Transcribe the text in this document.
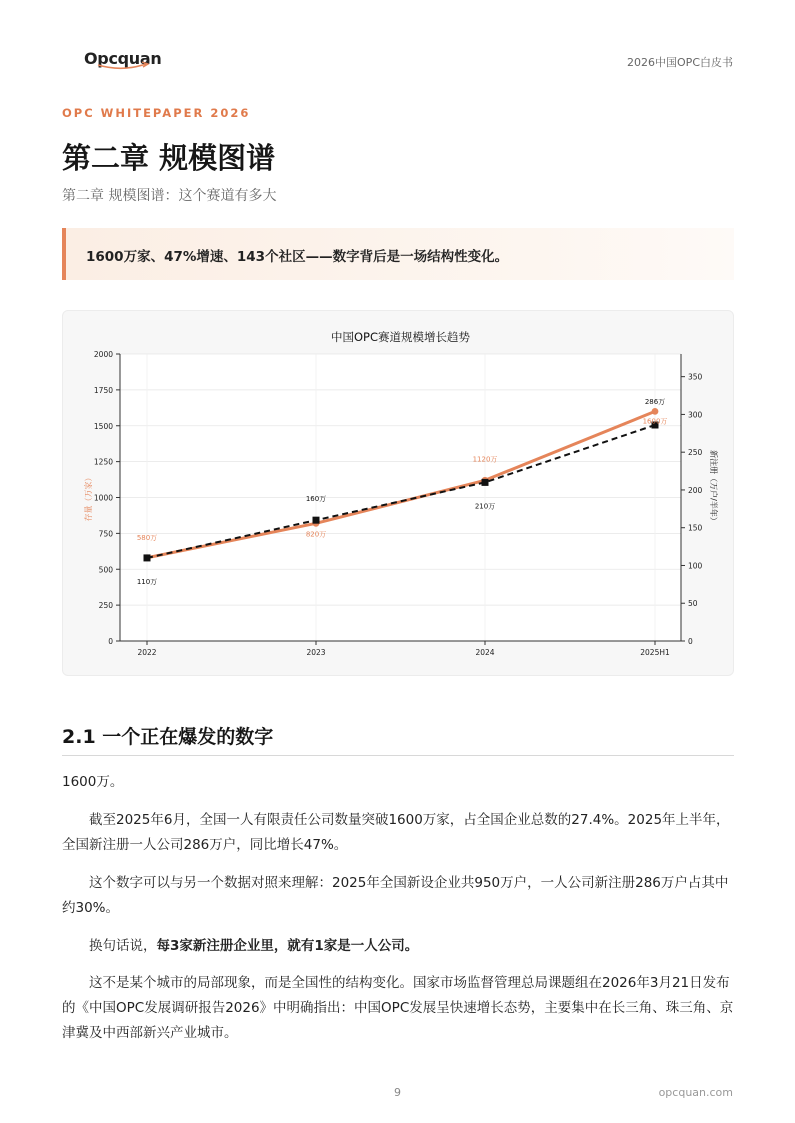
Opcquan	2026中国OPC白皮书
OPC WHITEPAPER 2026
第二章 规模图谱
第二章 规模图谱：这个赛道有多大
1600万家、47%增速、143个社区——数字背后是一场结构性变化。
0
250
500
750
1000
1250
1500
1750
2000
0
50
100
150
200
250
300
350
2022	2023	2024	2025H1
中国OPC赛道规模增长趋势
存量（万家）	新注册（万户/半年）
580万	820万
1120万
1600万
110万
160万
210万
286万
2.1 一个正在爆发的数字

1600万。

截至2025年6月，全国一人有限责任公司数量突破1600万家，占全国企业总数的27.4%。2025年上半年，全国新注册一人公司286万户，同比增长47%。

这个数字可以与另一个数据对照来理解：2025年全国新设企业共950万户，一人公司新注册286万户占其中约30%。

换句话说，每3家新注册企业里，就有1家是一人公司。

这不是某个城市的局部现象，而是全国性的结构变化。国家市场监督管理总局课题组在2026年3月21日发布的《中国OPC发展调研报告2026》中明确指出：中国OPC发展呈快速增长态势，主要集中在长三角、珠三角、京津冀及中西部新兴产业城市。

9	opcquan.com
